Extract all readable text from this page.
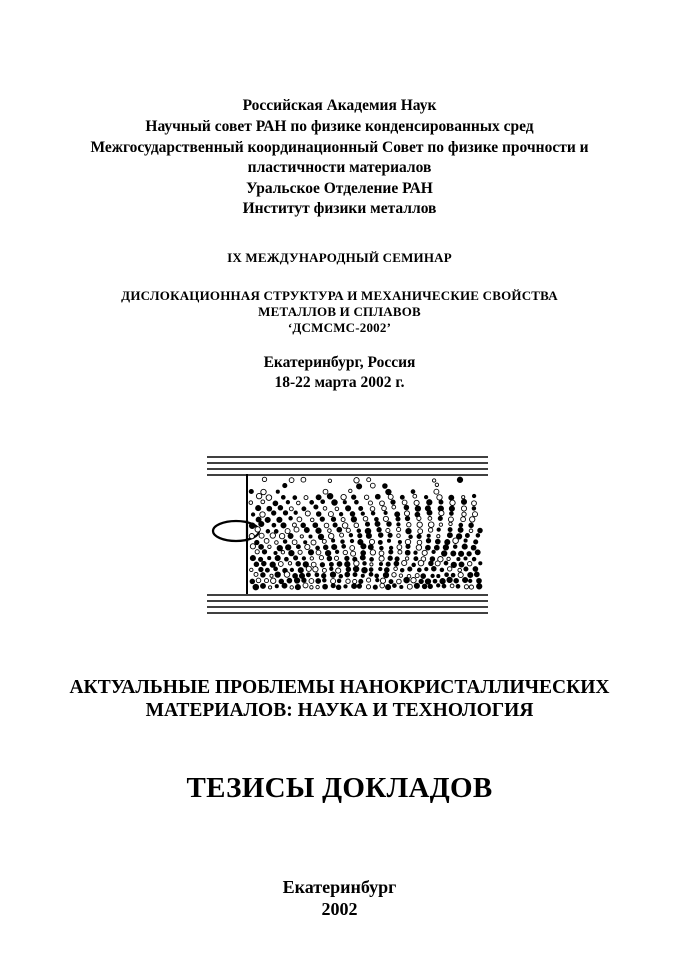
Российская Академия Наук
Научный совет РАН по физике конденсированных сред
Межгосударственный координационный Совет по физике прочности и
пластичности материалов
Уральское Отделение РАН
Институт физики металлов
IX МЕЖДУНАРОДНЫЙ СЕМИНАР
ДИСЛОКАЦИОННАЯ СТРУКТУРА И МЕХАНИЧЕСКИЕ СВОЙСТВА
МЕТАЛЛОВ И СПЛАВОВ
‘ДСМСМС-2002’
Екатеринбург, Россия
18-22 марта 2002 г.
АКТУАЛЬНЫЕ ПРОБЛЕМЫ НАНОКРИСТАЛЛИЧЕСКИХ
МАТЕРИАЛОВ: НАУКА И ТЕХНОЛОГИЯ
ТЕЗИСЫ ДОКЛАДОВ
Екатеринбург
2002
